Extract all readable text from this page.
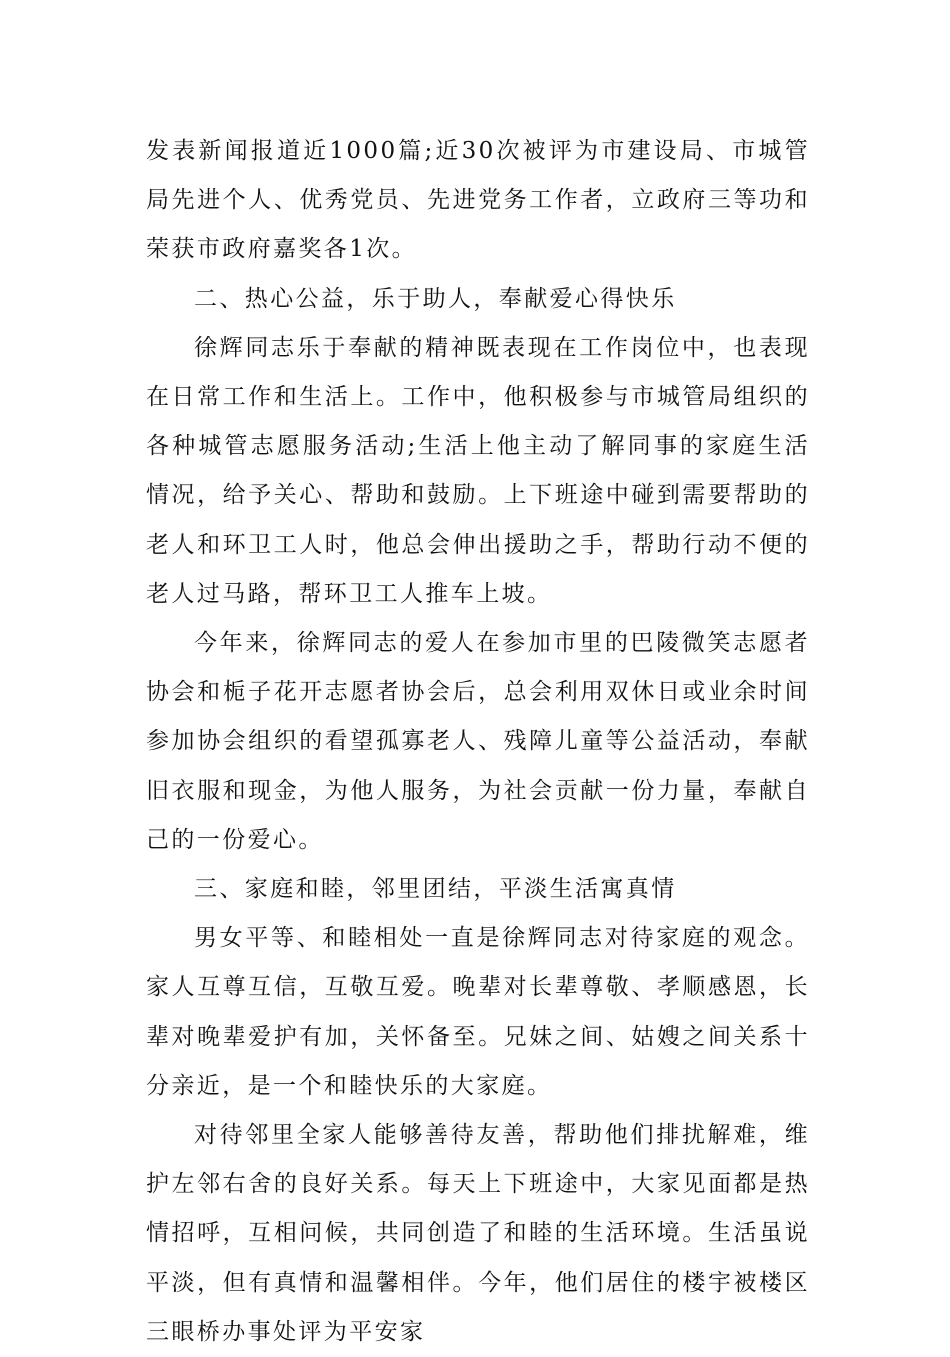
发表新闻报道近1000篇;近30次被评为市建设局、市城管局先进个人、优秀党员、先进党务工作者，立政府三等功和荣获市政府嘉奖各1次。

二、热心公益，乐于助人，奉献爱心得快乐

徐辉同志乐于奉献的精神既表现在工作岗位中，也表现在日常工作和生活上。工作中，他积极参与市城管局组织的各种城管志愿服务活动;生活上他主动了解同事的家庭生活情况，给予关心、帮助和鼓励。上下班途中碰到需要帮助的老人和环卫工人时，他总会伸出援助之手，帮助行动不便的老人过马路，帮环卫工人推车上坡。

今年来，徐辉同志的爱人在参加市里的巴陵微笑志愿者协会和栀子花开志愿者协会后，总会利用双休日或业余时间参加协会组织的看望孤寡老人、残障儿童等公益活动，奉献旧衣服和现金，为他人服务，为社会贡献一份力量，奉献自己的一份爱心。

三、家庭和睦，邻里团结，平淡生活寓真情

男女平等、和睦相处一直是徐辉同志对待家庭的观念。家人互尊互信，互敬互爱。晚辈对长辈尊敬、孝顺感恩，长辈对晚辈爱护有加，关怀备至。兄妹之间、姑嫂之间关系十分亲近，是一个和睦快乐的大家庭。

对待邻里全家人能够善待友善，帮助他们排扰解难，维护左邻右舍的良好关系。每天上下班途中，大家见面都是热情招呼，互相问候，共同创造了和睦的生活环境。生活虽说平淡，但有真情和温馨相伴。今年，他们居住的楼宇被楼区三眼桥办事处评为平安家
